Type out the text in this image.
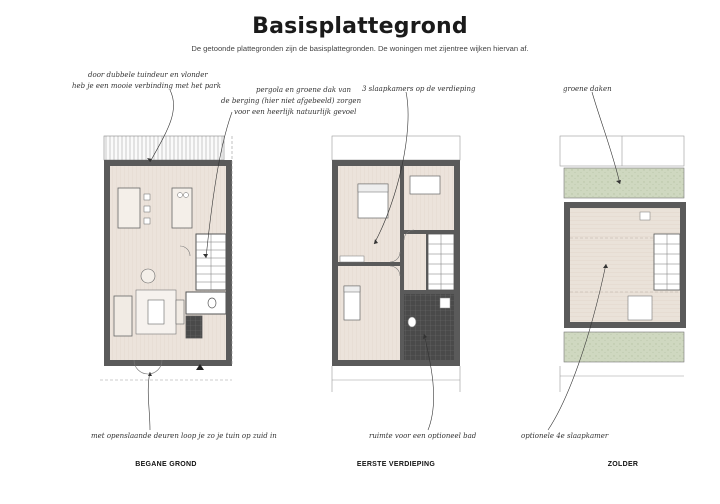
Basisplattegrond
De getoonde plattegronden zijn de basisplattegronden. De woningen met zijentree wijken hiervan af.
door dubbele tuindeur en vlonder
heb je een mooie verbinding met het park	pergola en groene dak van
de berging (hier niet afgebeeld) zorgen
voor een heerlijk natuurlijk gevoel
3 slaapkamers op de verdieping	groene daken
met openslaande deuren loop je zo je tuin op zuid in	ruimte voor een optioneel bad	optionele 4e slaapkamer
BEGANE GROND	EERSTE VERDIEPING	ZOLDER
